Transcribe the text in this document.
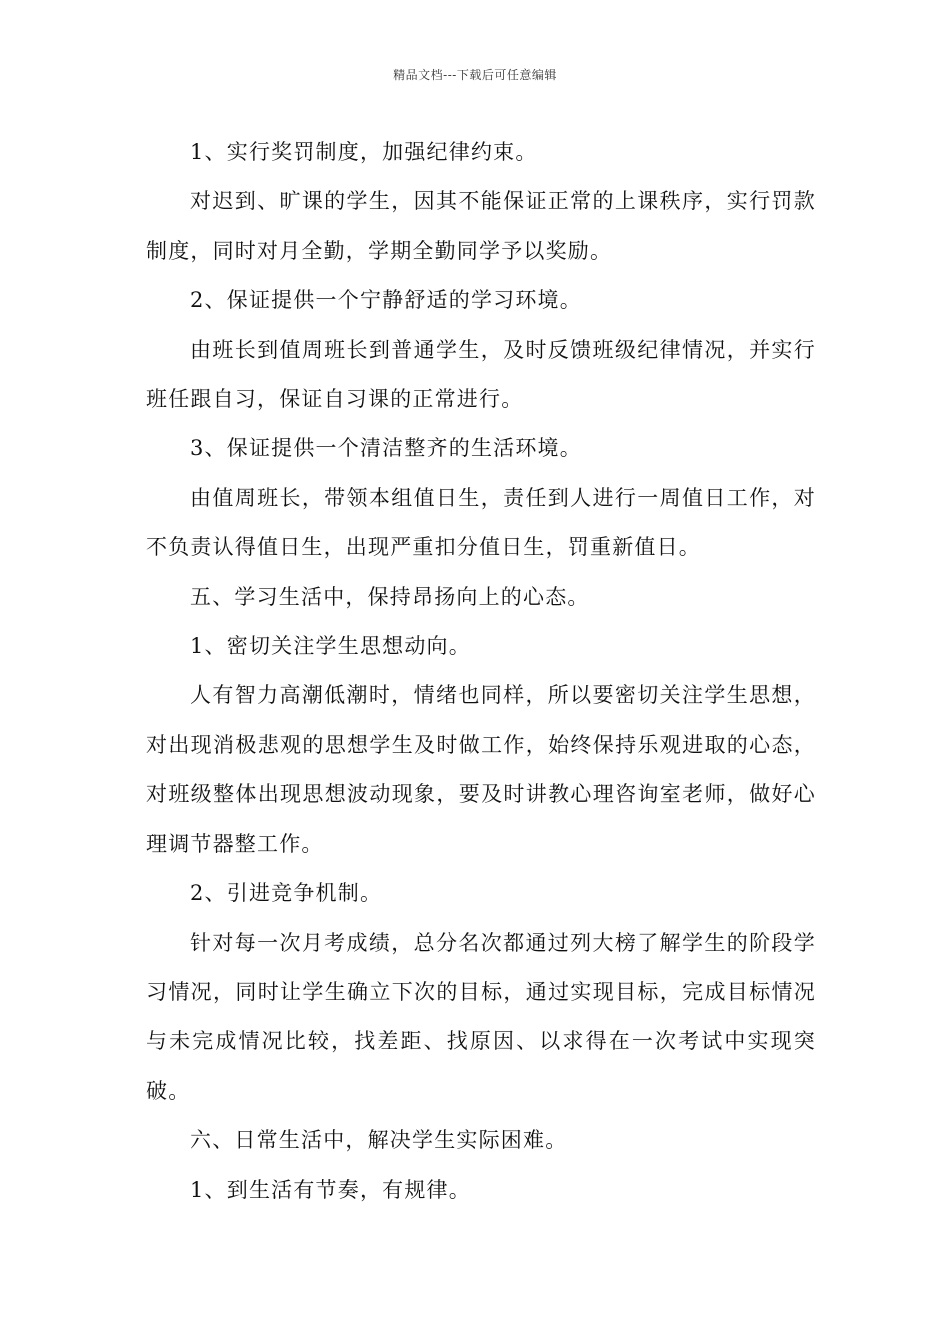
精品文档---下载后可任意编辑

1、实行奖罚制度，加强纪律约束。

对迟到、旷课的学生，因其不能保证正常的上课秩序，实行罚款制度，同时对月全勤，学期全勤同学予以奖励。

2、保证提供一个宁静舒适的学习环境。

由班长到值周班长到普通学生，及时反馈班级纪律情况，并实行班任跟自习，保证自习课的正常进行。

3、保证提供一个清洁整齐的生活环境。

由值周班长，带领本组值日生，责任到人进行一周值日工作，对不负责认得值日生，出现严重扣分值日生，罚重新值日。

五、学习生活中，保持昂扬向上的心态。

1、密切关注学生思想动向。

人有智力高潮低潮时，情绪也同样，所以要密切关注学生思想，对出现消极悲观的思想学生及时做工作，始终保持乐观进取的心态，对班级整体出现思想波动现象，要及时讲教心理咨询室老师，做好心理调节器整工作。

2、引进竞争机制。

针对每一次月考成绩，总分名次都通过列大榜了解学生的阶段学习情况，同时让学生确立下次的目标，通过实现目标，完成目标情况与未完成情况比较，找差距、找原因、以求得在一次考试中实现突破。

六、日常生活中，解决学生实际困难。

1、到生活有节奏，有规律。
